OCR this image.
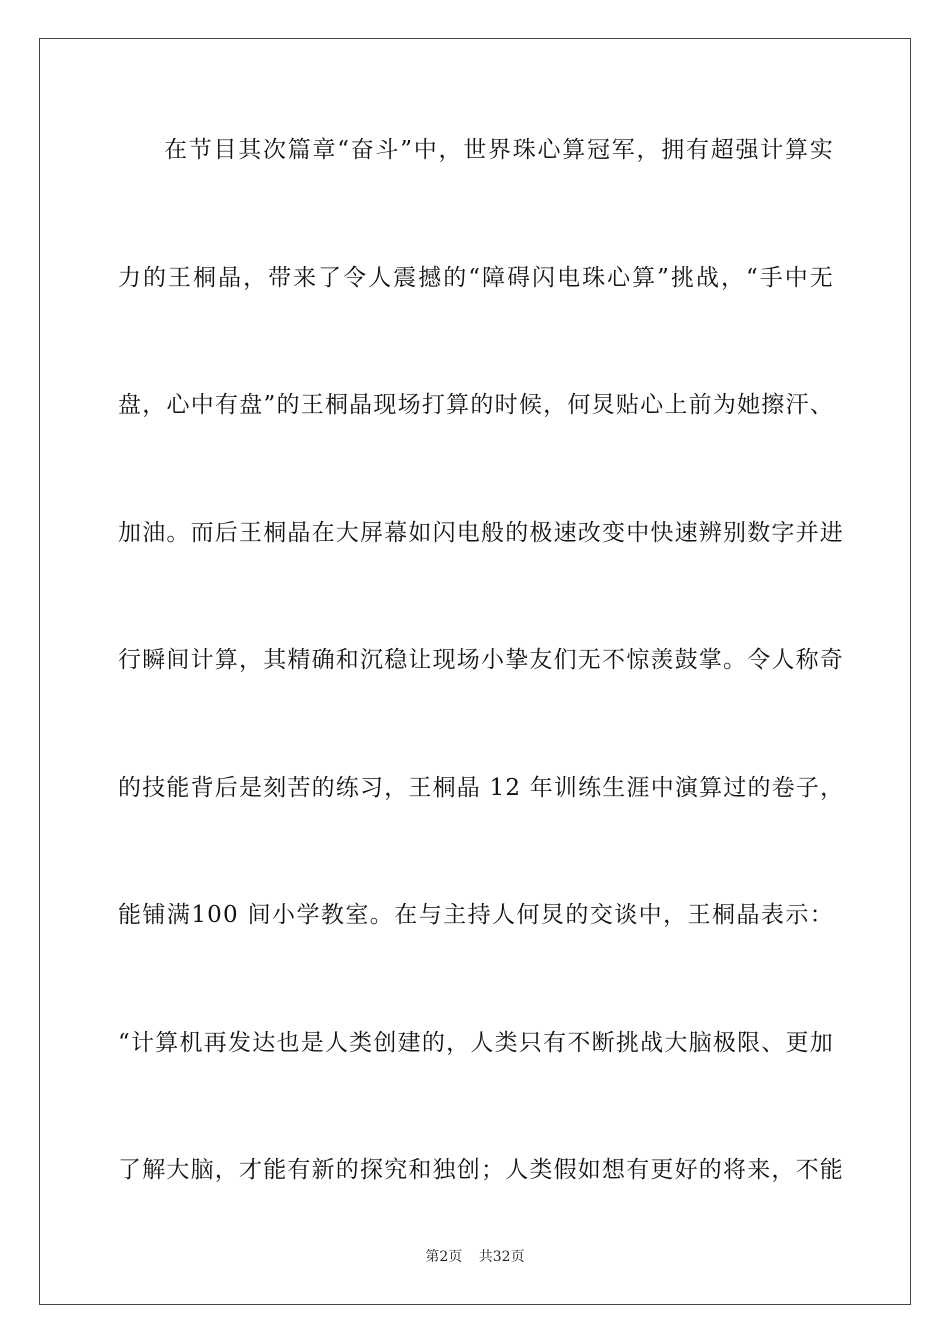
在节目其次篇章“奋斗”中，世界珠心算冠军，拥有超强计算实
力的王桐晶，带来了令人震撼的“障碍闪电珠心算”挑战，“手中无
盘，心中有盘”的王桐晶现场打算的时候，何炅贴心上前为她擦汗、
加油。而后王桐晶在大屏幕如闪电般的极速改变中快速辨别数字并进
行瞬间计算，其精确和沉稳让现场小挚友们无不惊羡鼓掌。令人称奇
的技能背后是刻苦的练习，王桐晶 12 年训练生涯中演算过的卷子，
能铺满100 间小学教室。在与主持人何炅的交谈中，王桐晶表示：
“计算机再发达也是人类创建的，人类只有不断挑战大脑极限、更加
了解大脑，才能有新的探究和独创；人类假如想有更好的将来，不能
第2页 共32页
